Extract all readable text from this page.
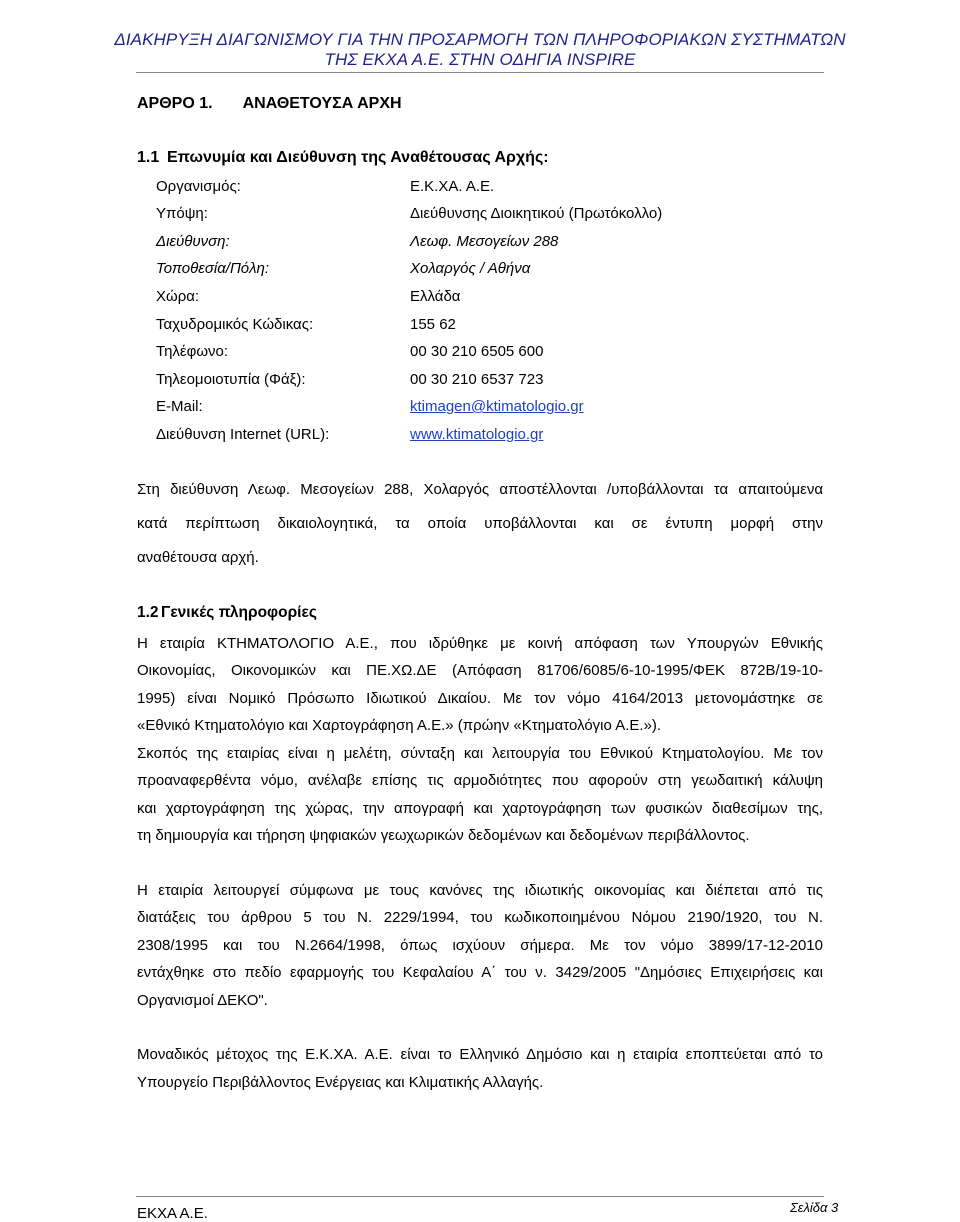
ΔΙΑΚΗΡΥΞΗ ΔΙΑΓΩΝΙΣΜΟΥ ΓΙΑ ΤΗΝ ΠΡΟΣΑΡΜΟΓΗ ΤΩΝ ΠΛΗΡΟΦΟΡΙΑΚΩΝ ΣΥΣΤΗΜΑΤΩΝ
ΤΗΣ ΕΚΧΑ Α.Ε. ΣΤΗΝ ΟΔΗΓΙΑ INSPIRE
ΑΡΘΡΟ 1. ΑΝΑΘΕΤΟΥΣΑ ΑΡΧΗ
1.1 Επωνυμία και Διεύθυνση της Αναθέτουσας Αρχής:
Οργανισμός:	Ε.Κ.ΧΑ. Α.Ε.
Υπόψη:	Διεύθυνσης Διοικητικού (Πρωτόκολλο)
Διεύθυνση:	Λεωφ. Μεσογείων 288
Τοποθεσία/Πόλη:	Χολαργός / Αθήνα
Χώρα:	Ελλάδα
Ταχυδρομικός Κώδικας:	155 62
Τηλέφωνο:	00 30 210 6505 600
Τηλεομοιοτυπία (Φάξ):	00 30 210 6537 723
E-Mail:	ktimagen@ktimatologio.gr
Διεύθυνση Internet (URL):	www.ktimatologio.gr
Στη διεύθυνση Λεωφ. Μεσογείων 288, Χολαργός αποστέλλονται /υποβάλλονται τα απαιτούμενα
κατά περίπτωση δικαιολογητικά, τα οποία υποβάλλονται και σε έντυπη μορφή στην
αναθέτουσα αρχή.
1.2 Γενικές πληροφορίες
Η εταιρία ΚΤΗΜΑΤΟΛΟΓΙΟ Α.Ε., που ιδρύθηκε με κοινή απόφαση των Υπουργών Εθνικής
Οικονομίας, Οικονομικών και ΠΕ.ΧΩ.ΔΕ (Απόφαση 81706/6085/6-10-1995/ΦΕΚ 872Β/19-10-
1995) είναι Νομικό Πρόσωπο Ιδιωτικού Δικαίου. Με τον νόμο 4164/2013 μετονομάστηκε σε
«Εθνικό Κτηματολόγιο και Χαρτογράφηση Α.Ε.» (πρώην «Κτηματολόγιο Α.Ε.»).
Σκοπός της εταιρίας είναι η μελέτη, σύνταξη και λειτουργία του Εθνικού Κτηματολογίου. Με τον
προαναφερθέντα νόμο, ανέλαβε επίσης τις αρμοδιότητες που αφορούν στη γεωδαιτική κάλυψη
και χαρτογράφηση της χώρας, την απογραφή και χαρτογράφηση των φυσικών διαθεσίμων της,
τη δημιουργία και τήρηση ψηφιακών γεωχωρικών δεδομένων και δεδομένων περιβάλλοντος.
Η εταιρία λειτουργεί σύμφωνα με τους κανόνες της ιδιωτικής οικονομίας και διέπεται από τις
διατάξεις του άρθρου 5 του Ν. 2229/1994, του κωδικοποιημένου Νόμου 2190/1920, του Ν.
2308/1995 και του Ν.2664/1998, όπως ισχύουν σήμερα. Με τον νόμο 3899/17-12-2010
εντάχθηκε στο πεδίο εφαρμογής του Κεφαλαίου Α΄ του ν. 3429/2005 "Δημόσιες Επιχειρήσεις και
Οργανισμοί ΔΕΚΟ".
Μοναδικός μέτοχος της Ε.Κ.ΧΑ. Α.Ε. είναι το Ελληνικό Δημόσιο και η εταιρία εποπτεύεται από το
Υπουργείο Περιβάλλοντος Ενέργειας και Κλιματικής Αλλαγής.
ΕΚΧΑ Α.Ε.	Σελίδα 3
